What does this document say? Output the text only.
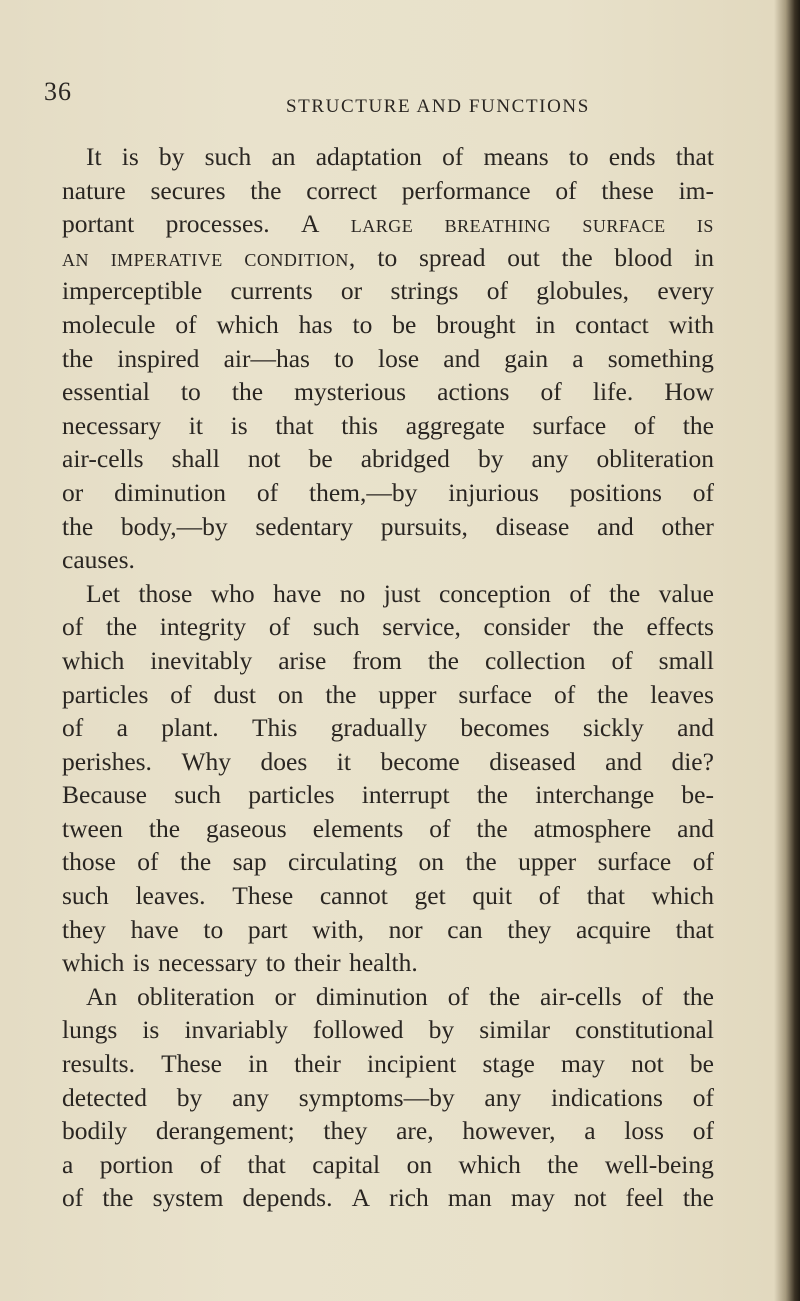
36
STRUCTURE AND FUNCTIONS
It is by such an adaptation of means to ends that
nature secures the correct performance of these im-
portant processes. A large breathing surface is
an imperative condition, to spread out the blood in
imperceptible currents or strings of globules, every
molecule of which has to be brought in contact with
the inspired air—has to lose and gain a something
essential to the mysterious actions of life. How
necessary it is that this aggregate surface of the
air-cells shall not be abridged by any obliteration
or diminution of them,—by injurious positions of
the body,—by sedentary pursuits, disease and other
causes.
Let those who have no just conception of the value
of the integrity of such service, consider the effects
which inevitably arise from the collection of small
particles of dust on the upper surface of the leaves
of a plant. This gradually becomes sickly and
perishes. Why does it become diseased and die?
Because such particles interrupt the interchange be-
tween the gaseous elements of the atmosphere and
those of the sap circulating on the upper surface of
such leaves. These cannot get quit of that which
they have to part with, nor can they acquire that
which is necessary to their health.
An obliteration or diminution of the air-cells of the
lungs is invariably followed by similar constitutional
results. These in their incipient stage may not be
detected by any symptoms—by any indications of
bodily derangement; they are, however, a loss of
a portion of that capital on which the well-being
of the system depends. A rich man may not feel the
